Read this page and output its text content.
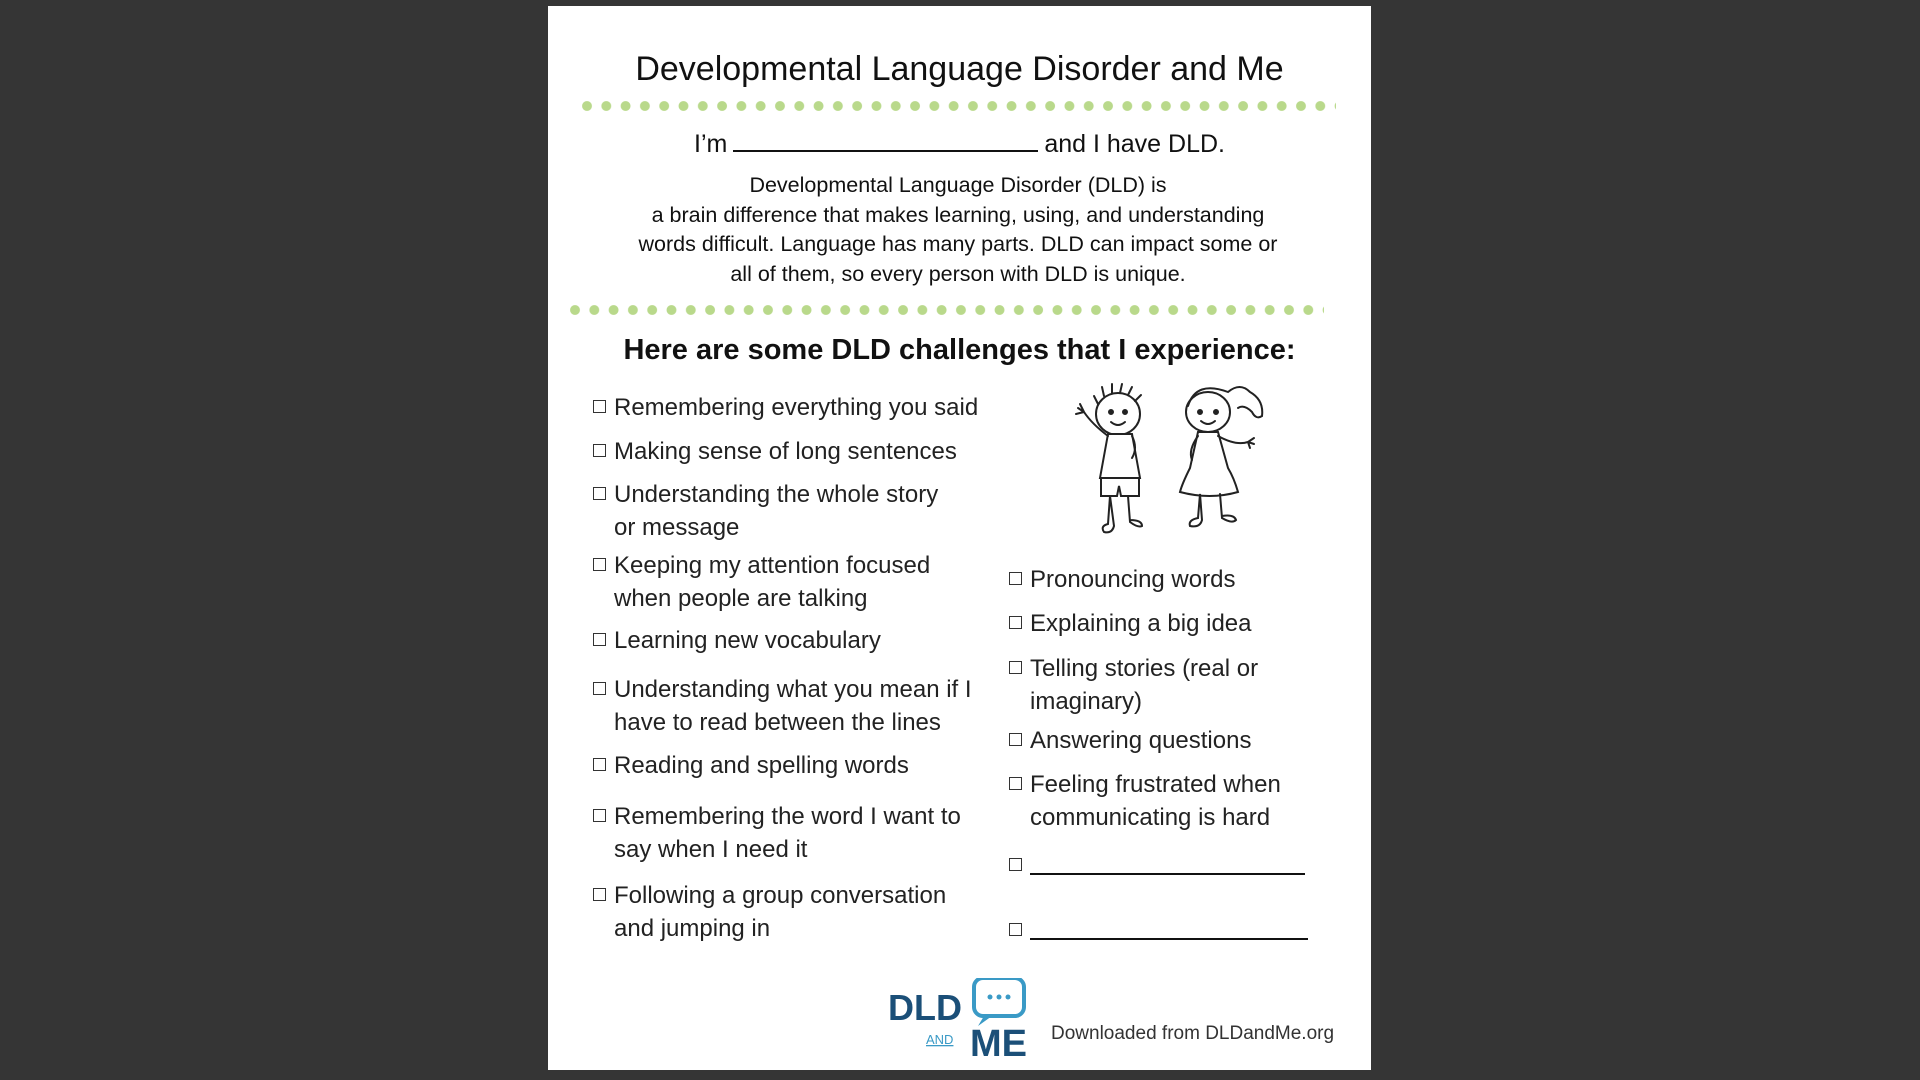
Developmental Language Disorder and Me
I’m	and I have DLD.
Developmental Language Disorder (DLD) is
a brain difference that makes learning, using, and understanding
words difficult. Language has many parts. DLD can impact some or
all of them, so every person with DLD is unique.
Here are some DLD challenges that I experience:
Remembering everything you said
Making sense of long sentences
Understanding the whole story
or message
Keeping my attention focused
when people are talking
Learning new vocabulary
Understanding what you mean if I
have to read between the lines
Reading and spelling words
Remembering the word I want to
say when I need it
Following a group conversation
and jumping in
Pronouncing words
Explaining a big idea
Telling stories (real or
imaginary)
Answering questions
Feeling frustrated when
communicating is hard
DLD
AND ME Downloaded from DLDandMe.org
